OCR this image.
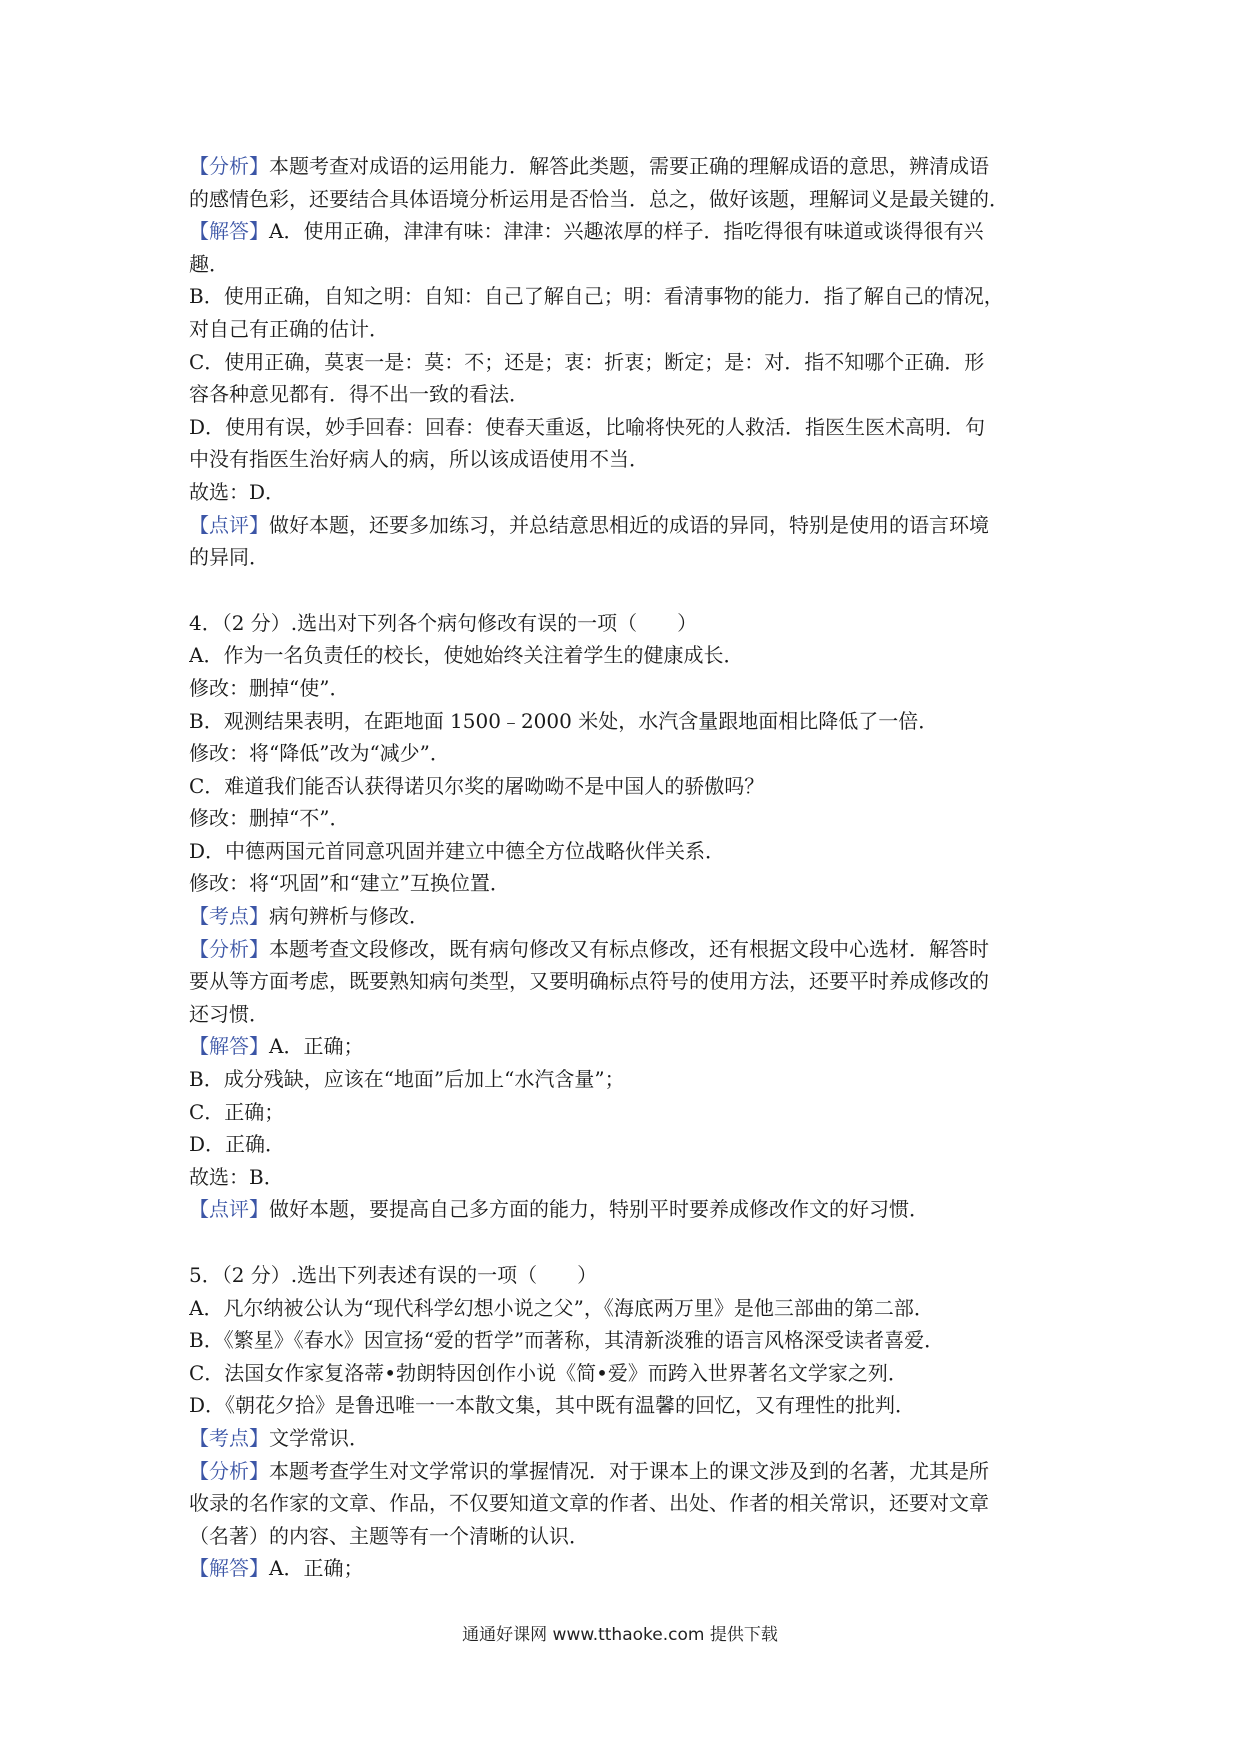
【分析】本题考查对成语的运用能力．解答此类题，需要正确的理解成语的意思，辨清成语
的感情色彩，还要结合具体语境分析运用是否恰当．总之，做好该题，理解词义是最关键的．
【解答】A．使用正确，津津有味：津津：兴趣浓厚的样子．指吃得很有味道或谈得很有兴
趣．
B．使用正确，自知之明：自知：自己了解自己；明：看清事物的能力．指了解自己的情况，
对自己有正确的估计．
C．使用正确，莫衷一是：莫：不；还是；衷：折衷；断定；是：对．指不知哪个正确．形
容各种意见都有．得不出一致的看法．
D．使用有误，妙手回春：回春：使春天重返，比喻将快死的人救活．指医生医术高明．句
中没有指医生治好病人的病，所以该成语使用不当．
故选：D．
【点评】做好本题，还要多加练习，并总结意思相近的成语的异同，特别是使用的语言环境
的异同．
4．（2 分）.选出对下列各个病句修改有误的一项（　　）
A．作为一名负责任的校长，使她始终关注着学生的健康成长．
修改：删掉“使”．
B．观测结果表明，在距地面 1500﹣2000 米处，水汽含量跟地面相比降低了一倍．
修改：将“降低”改为“减少”．
C．难道我们能否认获得诺贝尔奖的屠呦呦不是中国人的骄傲吗？
修改：删掉“不”．
D．中德两国元首同意巩固并建立中德全方位战略伙伴关系．
修改：将“巩固”和“建立”互换位置．
【考点】病句辨析与修改．
【分析】本题考查文段修改，既有病句修改又有标点修改，还有根据文段中心选材．解答时
要从等方面考虑，既要熟知病句类型，又要明确标点符号的使用方法，还要平时养成修改的
还习惯．
【解答】A．正确；
B．成分残缺，应该在“地面”后加上“水汽含量”；
C．正确；
D．正确．
故选：B．
【点评】做好本题，要提高自己多方面的能力，特别平时要养成修改作文的好习惯．
5．（2 分）.选出下列表述有误的一项（　　）
A．凡尔纳被公认为“现代科学幻想小说之父”，《海底两万里》是他三部曲的第二部．
B．《繁星》《春水》因宣扬“爱的哲学”而著称，其清新淡雅的语言风格深受读者喜爱．
C．法国女作家复洛蒂•勃朗特因创作小说《简•爱》而跨入世界著名文学家之列．
D．《朝花夕拾》是鲁迅唯一一本散文集，其中既有温馨的回忆，又有理性的批判．
【考点】文学常识．
【分析】本题考查学生对文学常识的掌握情况．对于课本上的课文涉及到的名著，尤其是所
收录的名作家的文章、作品，不仅要知道文章的作者、出处、作者的相关常识，还要对文章
（名著）的内容、主题等有一个清晰的认识．
【解答】A．正确；
通通好课网 www.tthaoke.com 提供下载
